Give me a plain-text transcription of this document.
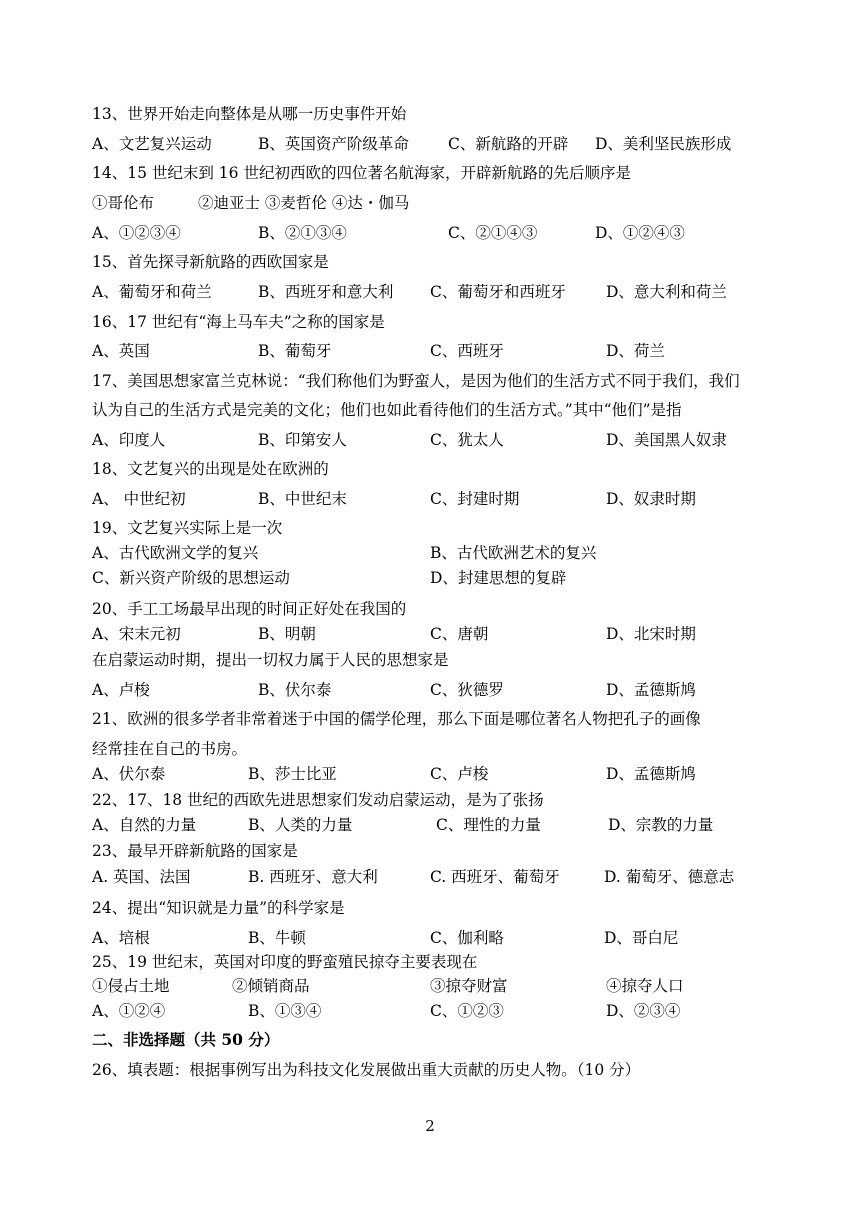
13、世界开始走向整体是从哪一历史事件开始
A、文艺复兴运动	B、英国资产阶级革命	C、新航路的开辟 D、美利坚民族形成
14、15 世纪末到 16 世纪初西欧的四位著名航海家，开辟新航路的先后顺序是
①哥伦布	②迪亚士 ③麦哲伦 ④达・伽马
A、①②③④	B、②①③④	C、②①④③	D、①②④③
15、首先探寻新航路的西欧国家是
A、葡萄牙和荷兰	B、西班牙和意大利 C、葡萄牙和西班牙	D、意大利和荷兰
16、17 世纪有“海上马车夫”之称的国家是
A、英国	B、葡萄牙	C、西班牙	D、荷兰
17、美国思想家富兰克林说：“我们称他们为野蛮人，是因为他们的生活方式不同于我们，我们
认为自己的生活方式是完美的文化；他们也如此看待他们的生活方式。”其中“他们”是指
A、印度人	B、印第安人	C、犹太人	D、美国黑人奴隶
18、文艺复兴的出现是处在欧洲的
A、 中世纪初	B、中世纪末	C、封建时期	D、奴隶时期
19、文艺复兴实际上是一次
A、古代欧洲文学的复兴	B、古代欧洲艺术的复兴
C、新兴资产阶级的思想运动	D、封建思想的复辟
20、手工工场最早出现的时间正好处在我国的
A、宋末元初	B、明朝	C、唐朝	D、北宋时期
在启蒙运动时期，提出一切权力属于人民的思想家是
A、卢梭	B、伏尔泰	C、狄德罗	D、孟德斯鸠
21、欧洲的很多学者非常着迷于中国的儒学伦理，那么下面是哪位著名人物把孔子的画像
经常挂在自己的书房。
A、伏尔泰	B、莎士比亚	C、卢梭	D、孟德斯鸠
22、17、18 世纪的西欧先进思想家们发动启蒙运动，是为了张扬
A、自然的力量	B、人类的力量	C、理性的力量	D、宗教的力量
23、最早开辟新航路的国家是
A. 英国、法国	B. 西班牙、意大利	C. 西班牙、葡萄牙	D. 葡萄牙、德意志
24、提出“知识就是力量”的科学家是
A、培根	B、牛顿	C、伽利略	D、哥白尼
25、19 世纪末，英国对印度的野蛮殖民掠夺主要表现在
①侵占土地	②倾销商品	③掠夺财富	④掠夺人口
A、①②④	B、①③④	C、①②③	D、②③④
二、非选择题（共 50 分）
26、填表题：根据事例写出为科技文化发展做出重大贡献的历史人物。（10 分）
2
